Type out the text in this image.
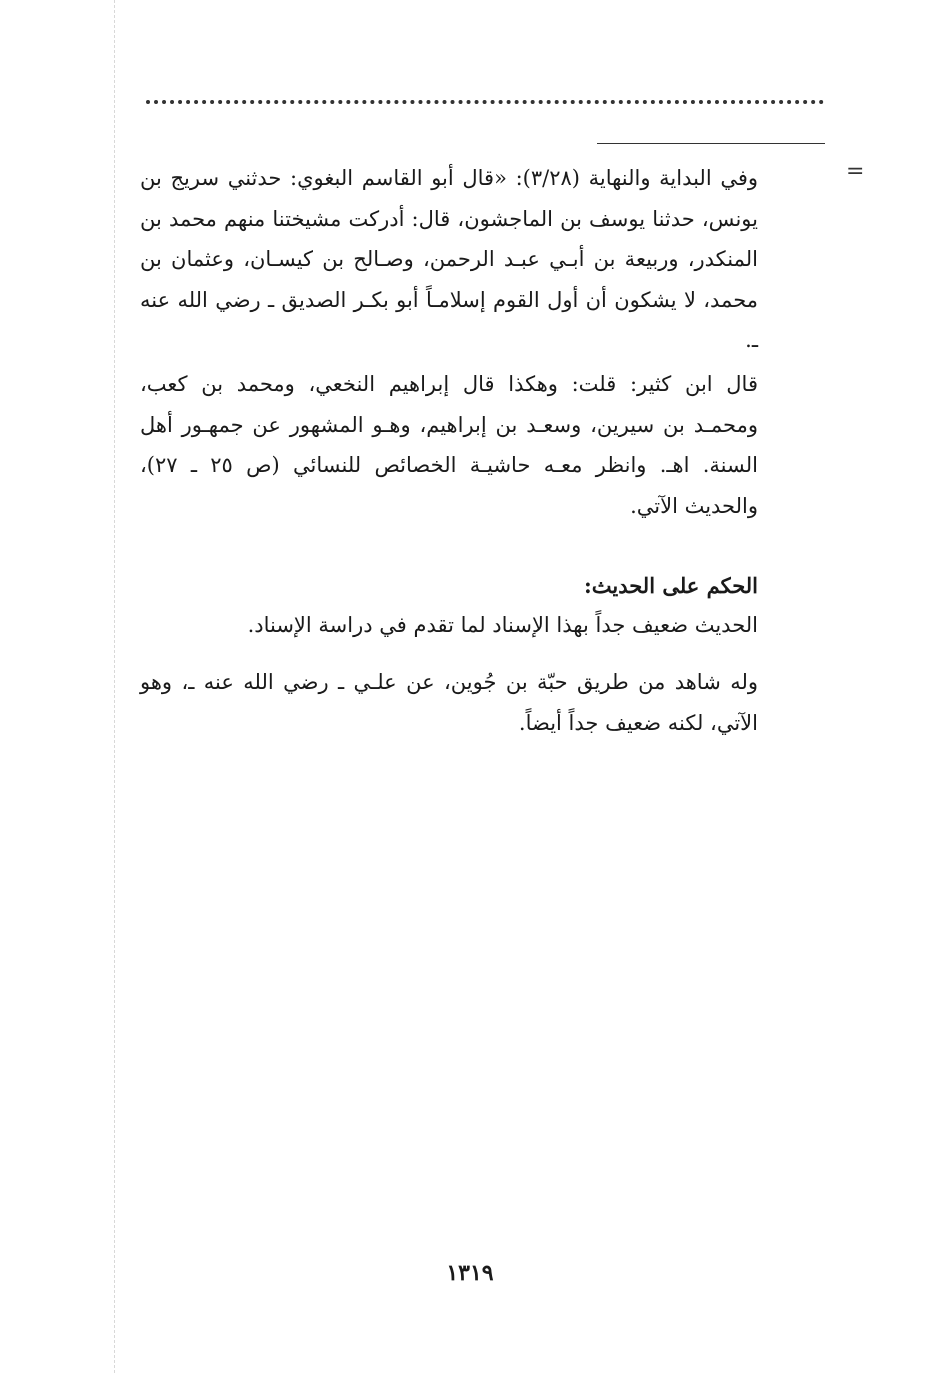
=

وفي البداية والنهاية (٣/٢٨): «قال أبو القاسم البغوي: حدثني سريج بن يونس، حدثنا يوسف بن الماجشون، قال: أدركت مشيختنا منهم محمد بن المنكدر، وربيعة بن أبـي عبـد الرحمن، وصـالح بن كيسـان، وعثمان بن محمد، لا يشكون أن أول القوم إسلامـاً أبو بكـر الصديق ـ رضي الله عنه ـ.

قال ابن كثير: قلت: وهكذا قال إبراهيم النخعي، ومحمد بن كعب، ومحمـد بن سيرين، وسعـد بن إبراهيم، وهـو المشهور عن جمهـور أهل السنة. اهـ. وانظر معـه حاشيـة الخصائص للنسائي (ص ٢٥ ـ ٢٧)، والحديث الآتي.

الحكم على الحديث:

الحديث ضعيف جداً بهذا الإسناد لما تقدم في دراسة الإسناد.

وله شاهد من طريق حبّة بن جُوين، عن علـي ـ رضي الله عنه ـ، وهو الآتي، لكنه ضعيف جداً أيضاً.

١٣١٩
